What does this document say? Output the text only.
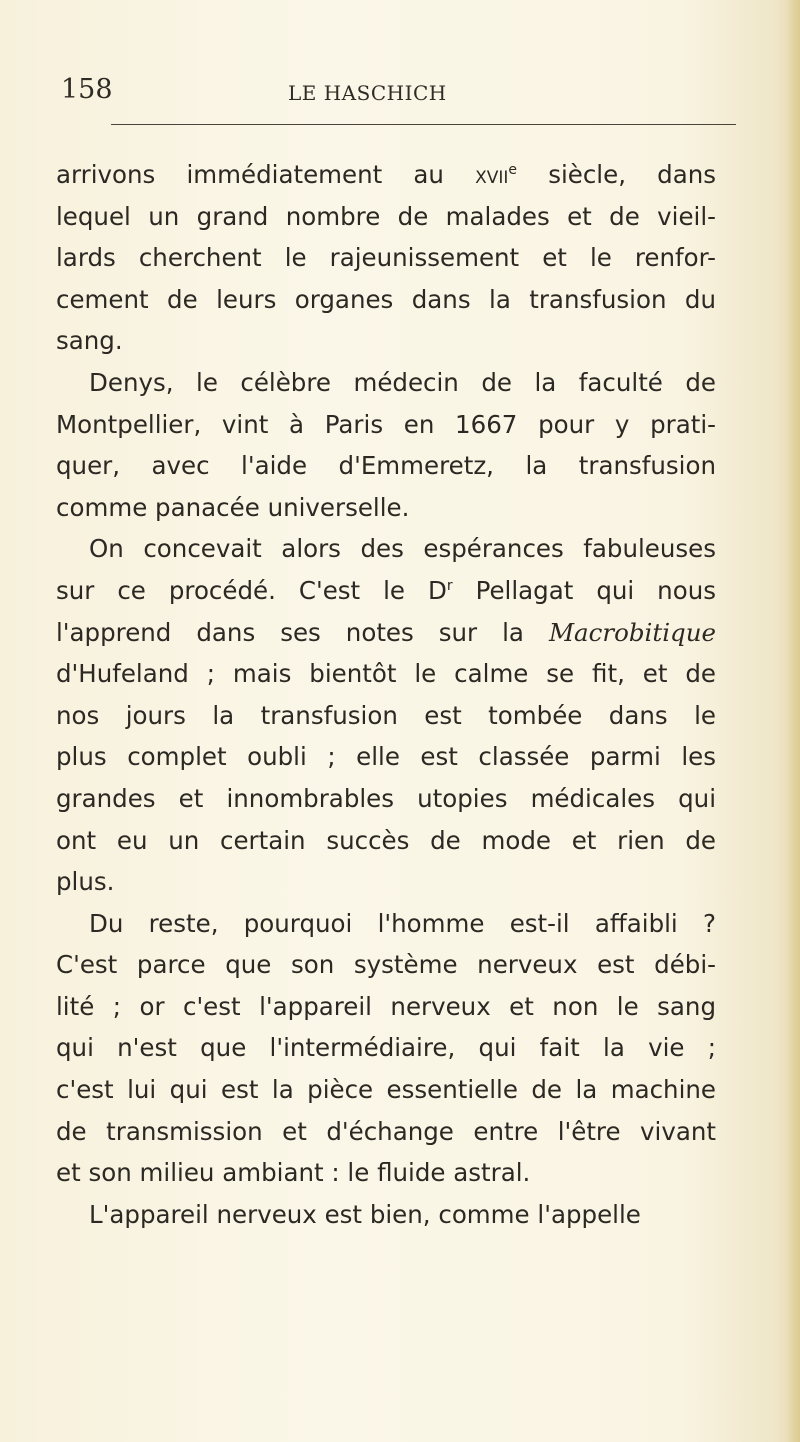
158	LE HASCHICH
arrivons immédiatement au xvii$^e$ siècle, dans
lequel un grand nombre de malades et de vieil-
lards cherchent le rajeunissement et le renfor-
cement de leurs organes dans la transfusion du
sang.
Denys, le célèbre médecin de la faculté de
Montpellier, vint à Paris en 1667 pour y prati-
quer, avec l'aide d'Emmeretz, la transfusion
comme panacée universelle.
On concevait alors des espérances fabuleuses
sur ce procédé. C'est le $D^r$ Pellagat qui nous
l'apprend dans ses notes sur la Macrobitique
d'Hufeland ; mais bientôt le calme se fit, et de
nos jours la transfusion est tombée dans le
plus complet oubli ; elle est classée parmi les
grandes et innombrables utopies médicales qui
ont eu un certain succès de mode et rien de
plus.
Du reste, pourquoi l'homme est-il affaibli ?
C'est parce que son système nerveux est débi-
lité ; or c'est l'appareil nerveux et non le sang
qui n'est que l'intermédiaire, qui fait la vie ;
c'est lui qui est la pièce essentielle de la machine
de transmission et d'échange entre l'être vivant
et son milieu ambiant : le fluide astral.
L'appareil nerveux est bien, comme l'appelle
